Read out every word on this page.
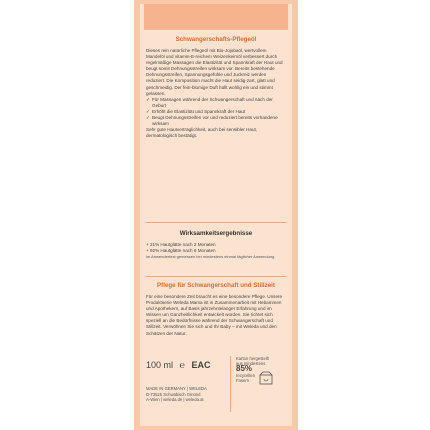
Schwangerschafts-Pflegeöl

Dieses rein natürliche Pflegeöl mit Bio-Jojobaöl, wertvollem Mandelöl und vitamin-E-reichem Weizenkeimöl verbessert durch regelmäßige Massagen die Elastizität und Spannkraft der Haut und beugt somit Dehnungsstreifen wirksam vor. Bereits bestehende Dehnungsstreifen, Spannungsgefühle und Juckreiz werden reduziert. Die Komposition macht die Haut seidig-zart, glatt und geschmeidig. Der fein-blumige Duft hüllt wohlig ein und stimmt gelassen.

✓ Für Massagen während der Schwangerschaft und nach der Geburt

✓ Erhöht die Elastizität und Spannkraft der Haut

✓ Beugt Dehnungsstreifen vor und reduziert bereits vorhandene wirksam

Sehr gute Hautverträglichkeit, auch bei sensibler Haut, dermatologisch bestätigt.

Wirksamkeitsergebnisse

+ 21% Hautglätte nach 2 Monaten

+ 92% Hautglätte nach 6 Monaten

im Anwendertest gemessen bei mindestens einmal täglicher Anwendung

Pflege für Schwangerschaft und Stillzeit
Für eine besondere Zeit braucht es eine besondere Pflege. Unsere Produktserie Weleda Mama ist in Zusammenarbeit mit Hebammen und Apothekern, auf Basis jahrzehntelanger Erfahrung und im Wissen um Ganzheitlichkeit entwickelt worden. Sie richtet sich speziell an die Bedürfnisse während der Schwangerschaft und Stillzeit. Verwöhnen Sie sich und Ihr Baby – mit Weleda und den Schätzen der Natur.
100 ml ℮ EAC
MADE IN GERMANY | WELEDA
D-73525 Schwäbisch Gmünd
A-Wien | weleda.de | weleda.at
Karton hergestellt
aus mindestens
85%
recycelten
Fasern
